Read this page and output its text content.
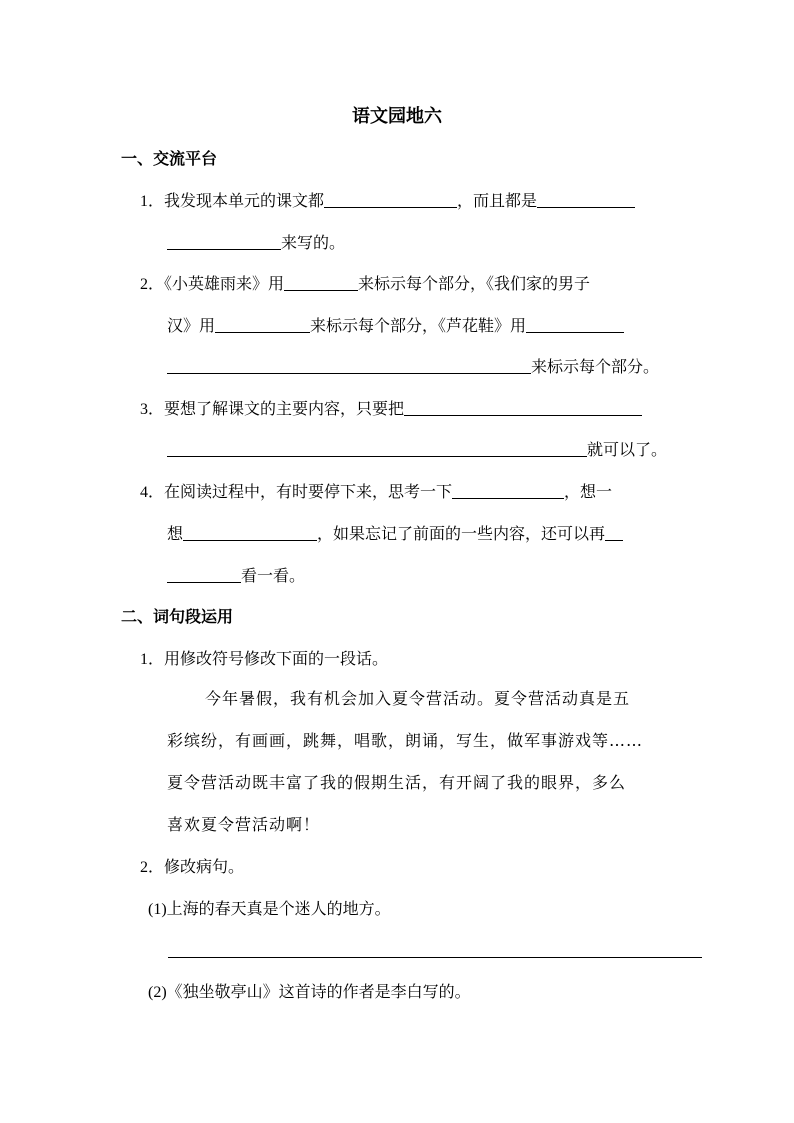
语文园地六
一、交流平台
1．我发现本单元的课文都	，而且都是
来写的。
2．《小英雄雨来》用	来标示每个部分，《我们家的男子
汉》用	来标示每个部分，《芦花鞋》用
来标示每个部分。
3．要想了解课文的主要内容，只要把
就可以了。
4．在阅读过程中，有时要停下来，思考一下	，想一
想	，如果忘记了前面的一些内容，还可以再
看一看。
二、词句段运用
1．用修改符号修改下面的一段话。
今年暑假，我有机会加入夏令营活动。夏令营活动真是五
彩缤纷，有画画，跳舞，唱歌，朗诵，写生，做军事游戏等……
夏令营活动既丰富了我的假期生活，有开阔了我的眼界，多么
喜欢夏令营活动啊！
2．修改病句。
(1)上海的春天真是个迷人的地方。
(2)《独坐敬亭山》这首诗的作者是李白写的。
